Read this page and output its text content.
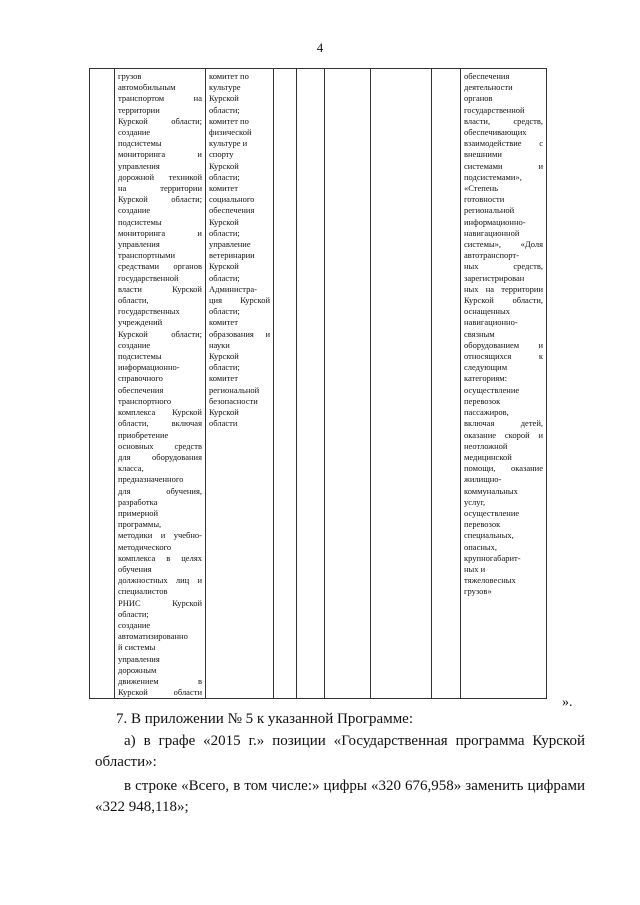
4

грузов
автомобильным
транспортом на
территории
Курской области;
создание
подсистемы
мониторинга и
управления
дорожной техникой
на территории
Курской области;
создание
подсистемы
мониторинга и
управления
транспортными
средствами органов
государственной
власти Курской
области,
государственных
учреждений
Курской области;
создание
подсистемы
информационно-
справочного
обеспечения
транспортного
комплекса Курской
области, включая
приобретение
основных средств
для оборудования
класса,
предназначенного
для обучения,
разработка
примерной
программы,
методики и учебно-
методического
комплекса в целях
обучения
должностных лиц и
специалистов
РНИС Курской
области;
создание
автоматизированно
й системы
управления
дорожным
движением в
Курской области

комитет по
культуре
Курской
области;
комитет по
физической
культуре и
спорту
Курской
области;
комитет
социального
обеспечения
Курской
области;
управление
ветеринарии
Курской
области;
Администра-
ция Курской
области;
комитет
образования и
науки
Курской
области;
комитет
региональной
безопасности
Курской
области

обеспечения
деятельности
органов
государственной
власти, средств,
обеспечивающих
взаимодействие с
внешними
системами и
подсистемами»,
«Степень
готовности
региональной
информационно-
навигационной
системы», «Доля
автотранспорт-
ных средств,
зарегистрирован
ных на территории
Курской области,
оснащенных
навигационно-
связным
оборудованием и
относящихся к
следующим
категориям:
осуществление
перевозок
пассажиров,
включая детей,
оказание скорой и
неотложной
медицинской
помощи, оказание
жилищно-
коммунальных
услуг,
осуществление
перевозок
специальных,
опасных,
крупногабарит-
ных и
тяжеловесных
грузов»
».
7. В приложении № 5 к указанной Программе:
а) в графе «2015 г.» позиции «Государственная программа Курской области»:
в строке «Всего, в том числе:» цифры «320 676,958» заменить цифрами «322 948,118»;
